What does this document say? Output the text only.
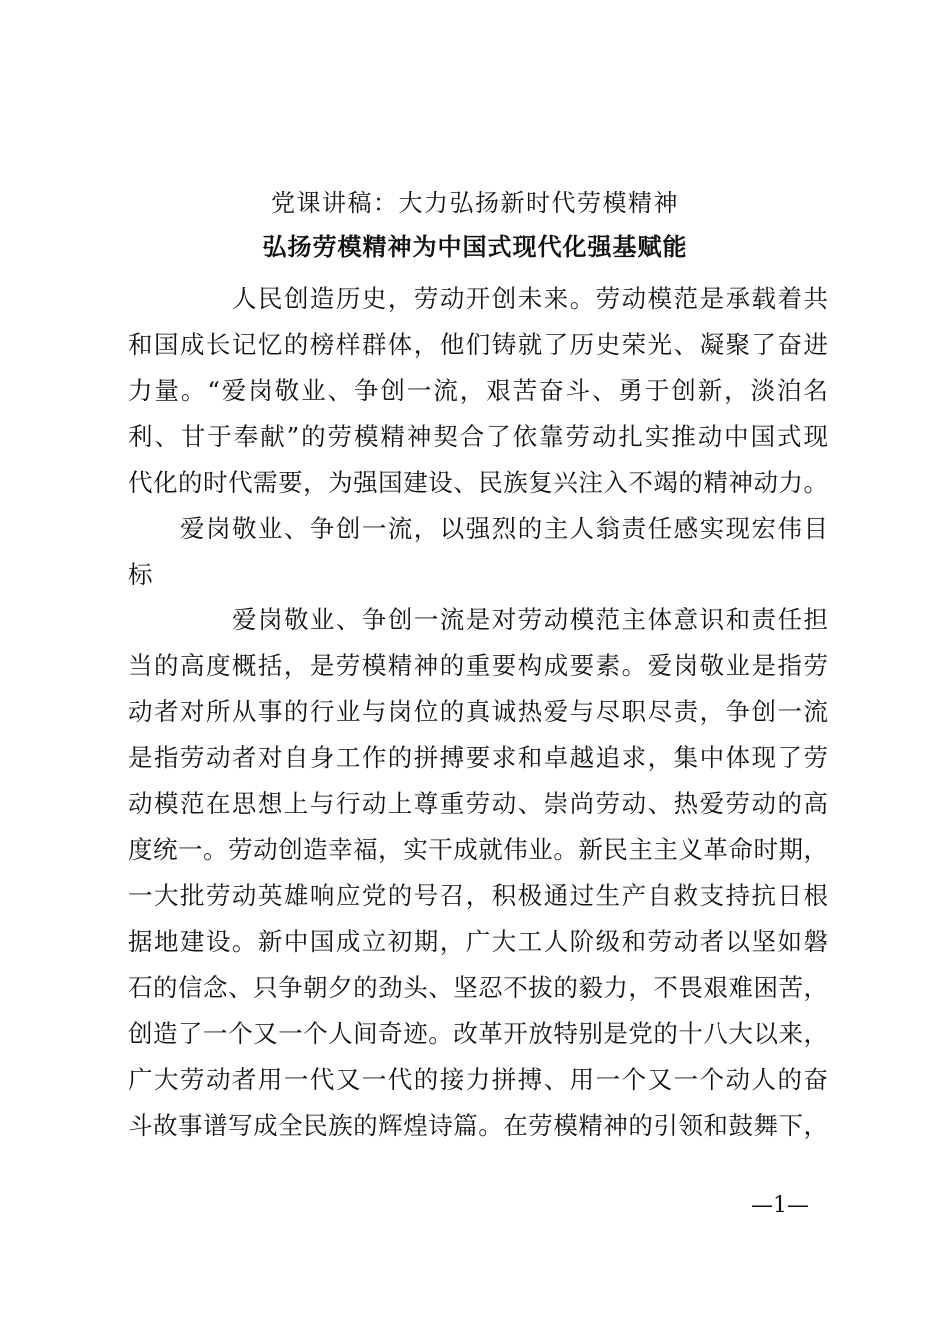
党课讲稿：大力弘扬新时代劳模精神
弘扬劳模精神为中国式现代化强基赋能
人民创造历史，劳动开创未来。劳动模范是承载着共
和国成长记忆的榜样群体，他们铸就了历史荣光、凝聚了奋进
力量。“爱岗敬业、争创一流，艰苦奋斗、勇于创新，淡泊名
利、甘于奉献”的劳模精神契合了依靠劳动扎实推动中国式现
代化的时代需要，为强国建设、民族复兴注入不竭的精神动力。
爱岗敬业、争创一流，以强烈的主人翁责任感实现宏伟目
标
爱岗敬业、争创一流是对劳动模范主体意识和责任担
当的高度概括，是劳模精神的重要构成要素。爱岗敬业是指劳
动者对所从事的行业与岗位的真诚热爱与尽职尽责，争创一流
是指劳动者对自身工作的拼搏要求和卓越追求，集中体现了劳
动模范在思想上与行动上尊重劳动、崇尚劳动、热爱劳动的高
度统一。劳动创造幸福，实干成就伟业。新民主主义革命时期，
一大批劳动英雄响应党的号召，积极通过生产自救支持抗日根
据地建设。新中国成立初期，广大工人阶级和劳动者以坚如磐
石的信念、只争朝夕的劲头、坚忍不拔的毅力，不畏艰难困苦，
创造了一个又一个人间奇迹。改革开放特别是党的十八大以来，
广大劳动者用一代又一代的接力拼搏、用一个又一个动人的奋
斗故事谱写成全民族的辉煌诗篇。在劳模精神的引领和鼓舞下，
—1—
